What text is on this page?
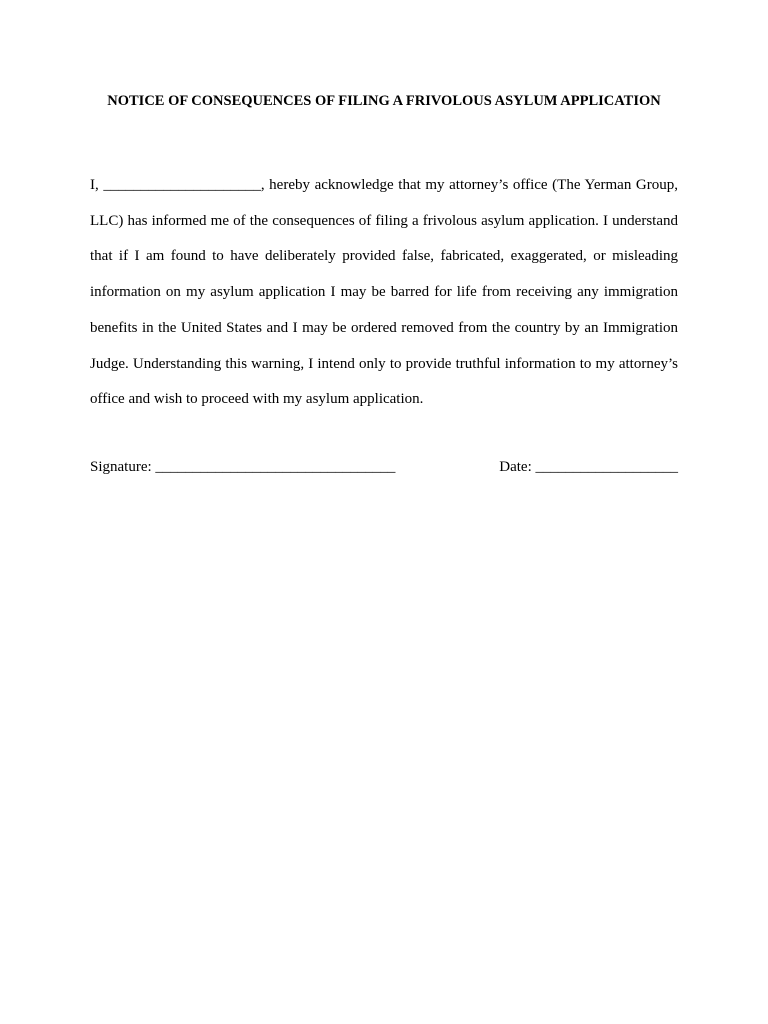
NOTICE OF CONSEQUENCES OF FILING A FRIVOLOUS ASYLUM APPLICATION

I, _____________________, hereby acknowledge that my attorney’s office (The Yerman Group, LLC) has informed me of the consequences of filing a frivolous asylum application. I understand that if I am found to have deliberately provided false, fabricated, exaggerated, or misleading information on my asylum application I may be barred for life from receiving any immigration benefits in the United States and I may be ordered removed from the country by an Immigration Judge. Understanding this warning, I intend only to provide truthful information to my attorney’s office and wish to proceed with my asylum application.

Signature: ________________________________	Date: ___________________
